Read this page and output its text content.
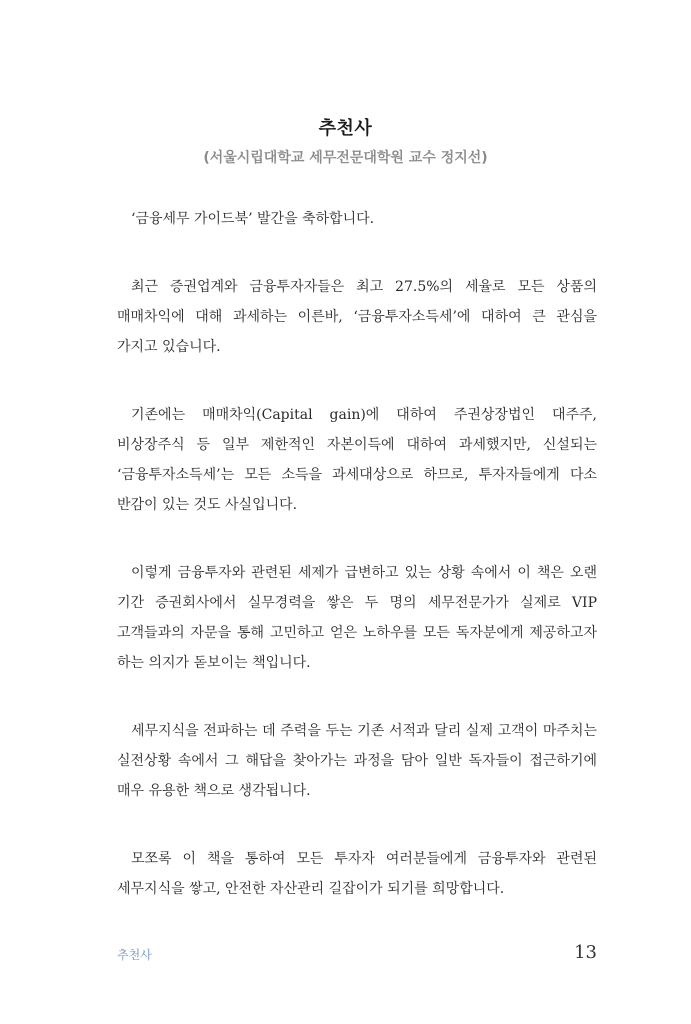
추천사
(서울시립대학교 세무전문대학원 교수 정지선)

‘금융세무 가이드북’ 발간을 축하합니다.

최근 증권업계와 금융투자자들은 최고 27.5%의 세율로 모든 상품의 매매차익에 대해 과세하는 이른바, ‘금융투자소득세’에 대하여 큰 관심을 가지고 있습니다.

기존에는 매매차익(Capital gain)에 대하여 주권상장법인 대주주, 비상장주식 등 일부 제한적인 자본이득에 대하여 과세했지만, 신설되는 ‘금융투자소득세’는 모든 소득을 과세대상으로 하므로, 투자자들에게 다소 반감이 있는 것도 사실입니다.

이렇게 금융투자와 관련된 세제가 급변하고 있는 상황 속에서 이 책은 오랜 기간 증권회사에서 실무경력을 쌓은 두 명의 세무전문가가 실제로 VIP 고객들과의 자문을 통해 고민하고 얻은 노하우를 모든 독자분에게 제공하고자 하는 의지가 돋보이는 책입니다.

세무지식을 전파하는 데 주력을 두는 기존 서적과 달리 실제 고객이 마주치는 실전상황 속에서 그 해답을 찾아가는 과정을 담아 일반 독자들이 접근하기에 매우 유용한 책으로 생각됩니다.

모쪼록 이 책을 통하여 모든 투자자 여러분들에게 금융투자와 관련된 세무지식을 쌓고, 안전한 자산관리 길잡이가 되기를 희망합니다.

추천사	13
